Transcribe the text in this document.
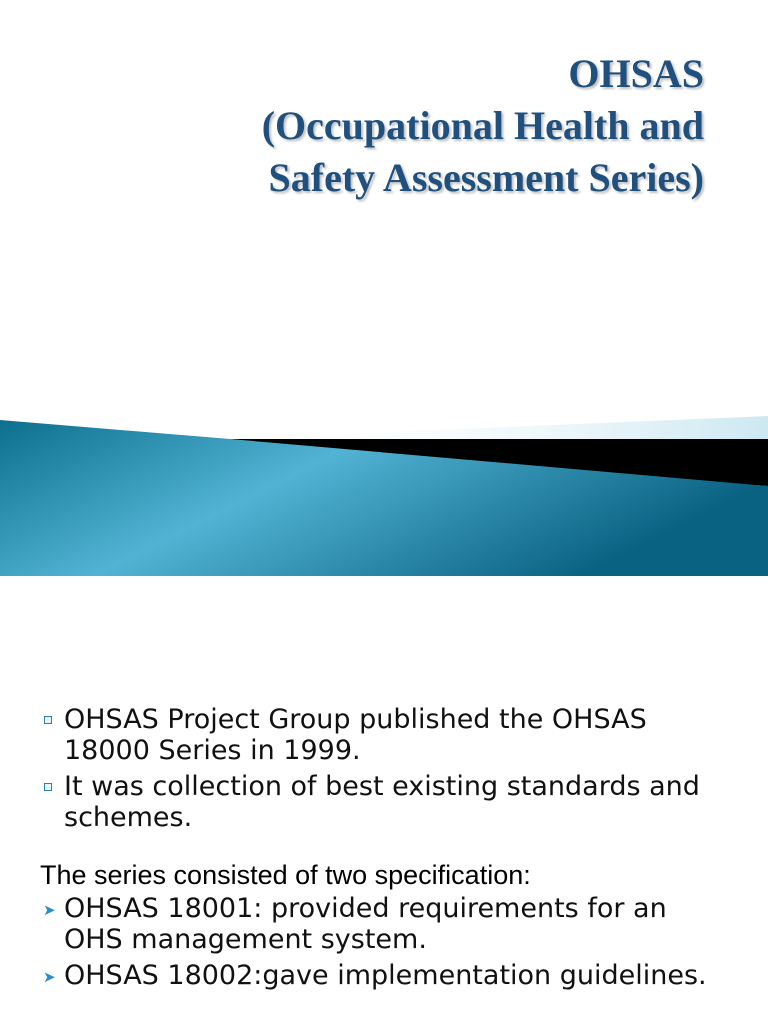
OHSAS
(Occupational Health and
Safety Assessment Series)
OHSAS Project Group published the OHSAS 18000 Series in 1999.
It was collection of best existing standards and schemes.

The series consisted of two specification:

➤ OHSAS 18001: provided requirements for an OHS management system.
➤ OHSAS 18002:gave implementation guidelines.
